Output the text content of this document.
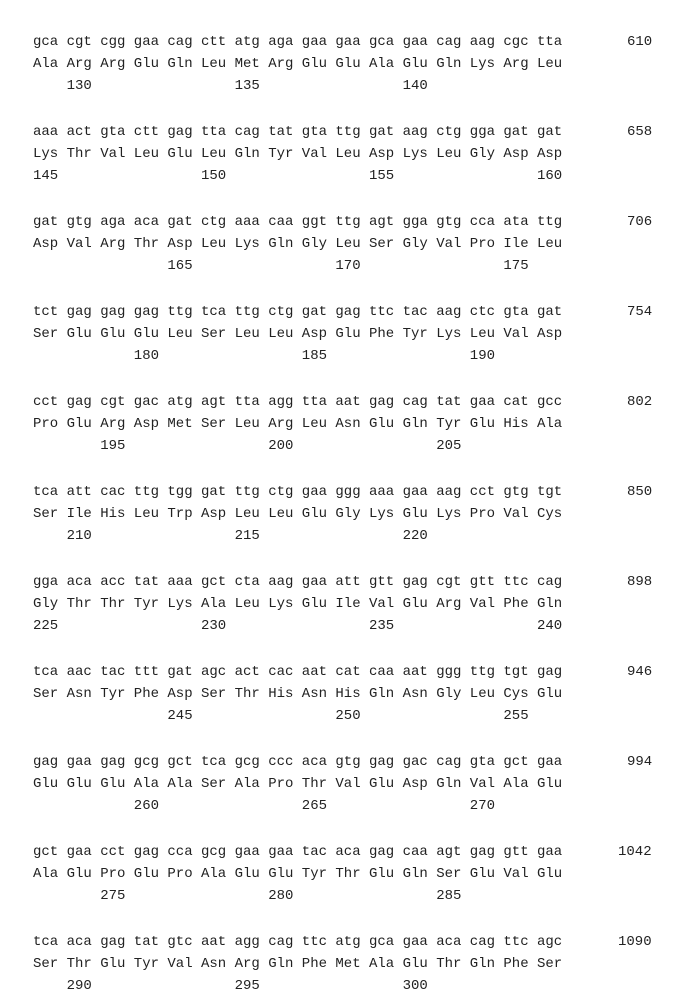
gca cgt cgg gaa cag ctt atg aga gaa gaa gca gaa cag aag cgc tta
Ala Arg Arg Glu Gln Leu Met Arg Glu Glu Ala Glu Gln Lys Arg Leu
130	135	140
610
aaa act gta ctt gag tta cag tat gta ttg gat aag ctg gga gat gat
Lys Thr Val Leu Glu Leu Gln Tyr Val Leu Asp Lys Leu Gly Asp Asp
145	150	155	160
658
gat gtg aga aca gat ctg aaa caa ggt ttg agt gga gtg cca ata ttg
Asp Val Arg Thr Asp Leu Lys Gln Gly Leu Ser Gly Val Pro Ile Leu
165	170	175
706
tct gag gag gag ttg tca ttg ctg gat gag ttc tac aag ctc gta gat
Ser Glu Glu Glu Leu Ser Leu Leu Asp Glu Phe Tyr Lys Leu Val Asp
180	185	190
754
cct gag cgt gac atg agt tta agg tta aat gag cag tat gaa cat gcc
Pro Glu Arg Asp Met Ser Leu Arg Leu Asn Glu Gln Tyr Glu His Ala
195	200	205
802
tca att cac ttg tgg gat ttg ctg gaa ggg aaa gaa aag cct gtg tgt
Ser Ile His Leu Trp Asp Leu Leu Glu Gly Lys Glu Lys Pro Val Cys
210	215	220
850
gga aca acc tat aaa gct cta aag gaa att gtt gag cgt gtt ttc cag
Gly Thr Thr Tyr Lys Ala Leu Lys Glu Ile Val Glu Arg Val Phe Gln
225	230	235	240
898
tca aac tac ttt gat agc act cac aat cat caa aat ggg ttg tgt gag
Ser Asn Tyr Phe Asp Ser Thr His Asn His Gln Asn Gly Leu Cys Glu
245	250	255
946
gag gaa gag gcg gct tca gcg ccc aca gtg gag gac cag gta gct gaa
Glu Glu Glu Ala Ala Ser Ala Pro Thr Val Glu Asp Gln Val Ala Glu
260	265	270
994
gct gaa cct gag cca gcg gaa gaa tac aca gag caa agt gag gtt gaa
Ala Glu Pro Glu Pro Ala Glu Glu Tyr Thr Glu Gln Ser Glu Val Glu
275	280	285
1042
tca aca gag tat gtc aat agg cag ttc atg gca gaa aca cag ttc agc
Ser Thr Glu Tyr Val Asn Arg Gln Phe Met Ala Glu Thr Gln Phe Ser
290	295	300
1090
